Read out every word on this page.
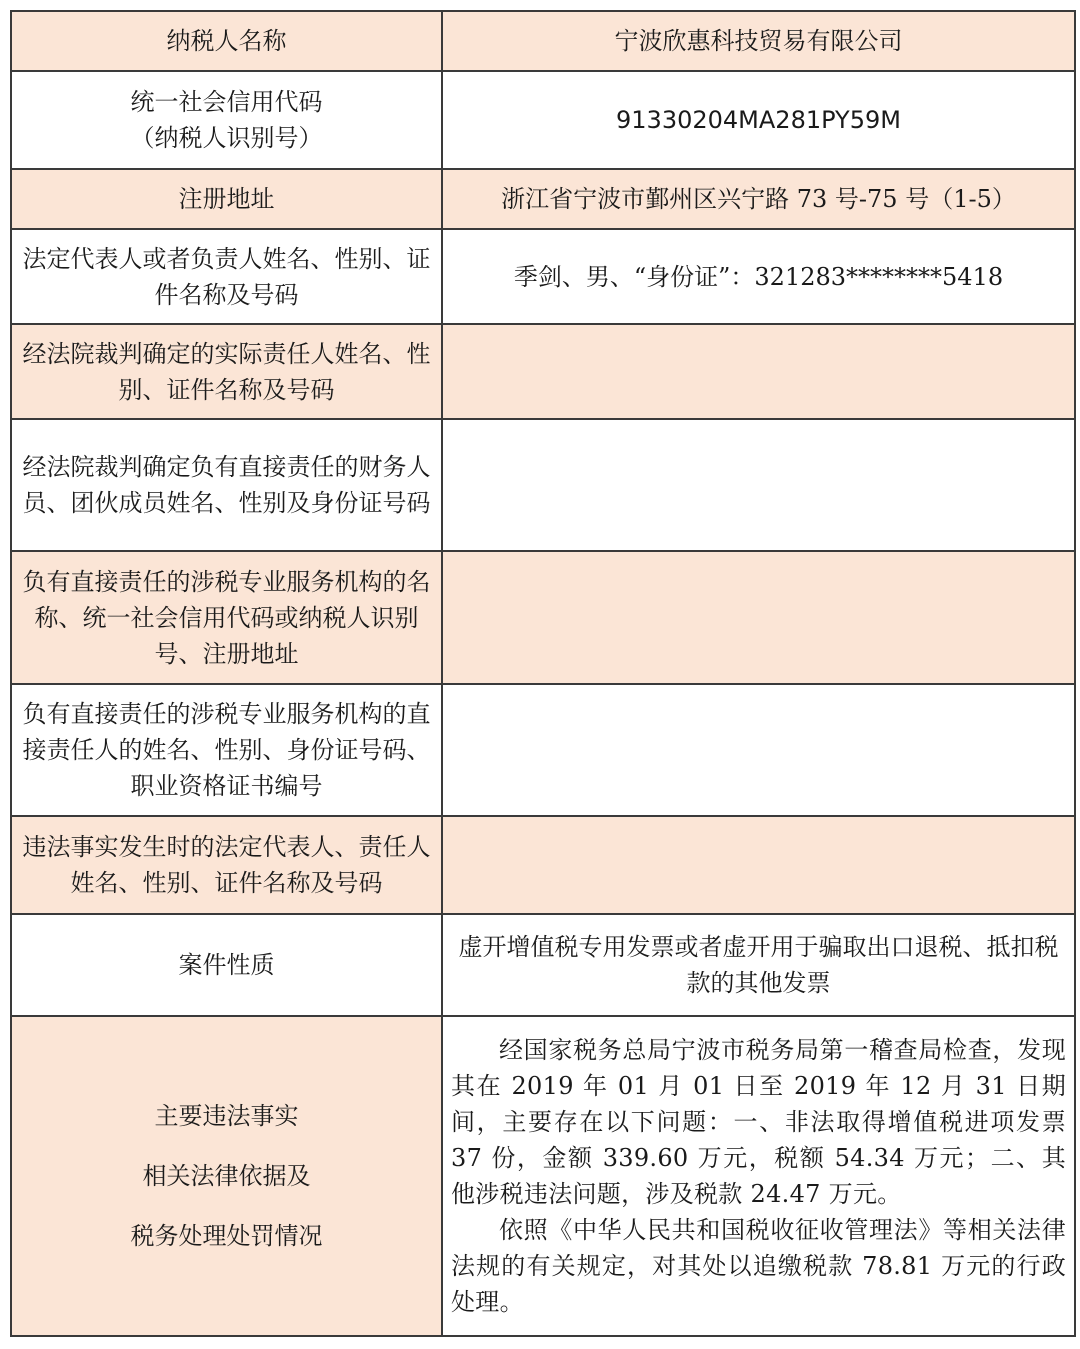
纳税人名称	宁波欣惠科技贸易有限公司

统一社会信用代码
（纳税人识别号）	91330204MA281PY59M

注册地址	浙江省宁波市鄞州区兴宁路 73 号-75 号（1-5）

法定代表人或者负责人姓名、性别、证件名称及号码	季剑、男、“身份证”：321283********5418

经法院裁判确定的实际责任人姓名、性别、证件名称及号码	

经法院裁判确定负有直接责任的财务人员、团伙成员姓名、性别及身份证号码	

负有直接责任的涉税专业服务机构的名称、统一社会信用代码或纳税人识别号、注册地址	

负有直接责任的涉税专业服务机构的直接责任人的姓名、性别、身份证号码、职业资格证书编号	

违法事实发生时的法定代表人、责任人姓名、性别、证件名称及号码	

案件性质	虚开增值税专用发票或者虚开用于骗取出口退税、抵扣税款的其他发票

主要违法事实
相关法律依据及
税务处理处罚情况	经国家税务总局宁波市税务局第一稽查局检查，发现其在 2019 年 01 月 01 日至 2019 年 12 月 31 日期间，主要存在以下问题：一、非法取得增值税进项发票 37 份，金额 339.60 万元，税额 54.34 万元；二、其他涉税违法问题，涉及税款 24.47 万元。
依照《中华人民共和国税收征收管理法》等相关法律法规的有关规定，对其处以追缴税款 78.81 万元的行政处理。
